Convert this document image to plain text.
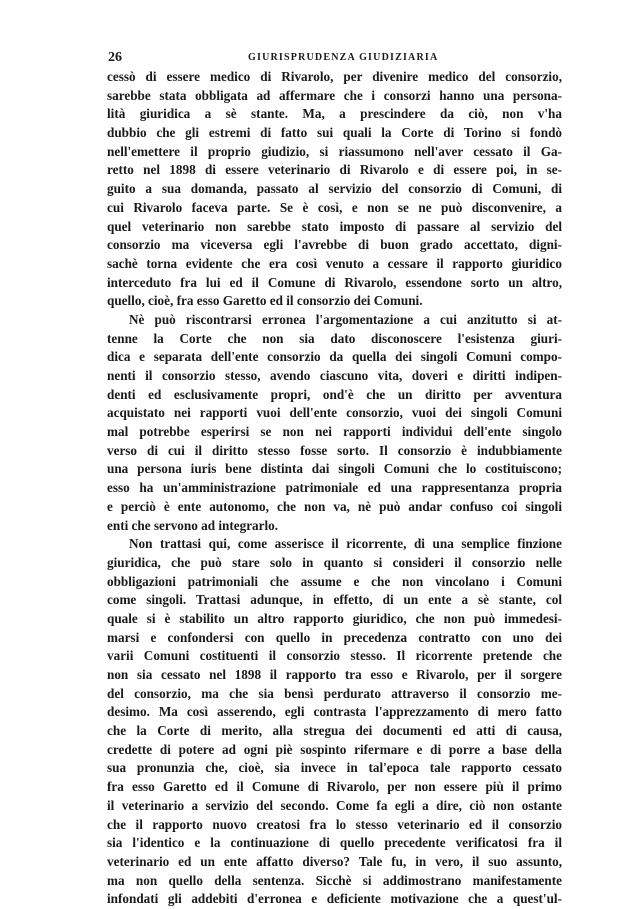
26	GIURISPRUDENZA GIUDIZIARIA
cessò di essere medico di Rivarolo, per divenire medico del consorzio,
sarebbe stata obbligata ad affermare che i consorzi hanno una persona-
lità giuridica a sè stante. Ma, a prescindere da ciò, non v'ha
dubbio che gli estremi di fatto sui quali la Corte di Torino si fondò
nell'emettere il proprio giudizio, si riassumono nell'aver cessato il Ga-
retto nel 1898 di essere veterinario di Rivarolo e di essere poi, in se-
guito a sua domanda, passato al servizio del consorzio di Comuni, di
cui Rivarolo faceva parte. Se è così, e non se ne può disconvenire, a
quel veterinario non sarebbe stato imposto di passare al servizio del
consorzio ma viceversa egli l'avrebbe di buon grado accettato, digni-
sachè torna evidente che era così venuto a cessare il rapporto giuridico
interceduto fra lui ed il Comune di Rivarolo, essendone sorto un altro,
quello, cioè, fra esso Garetto ed il consorzio dei Comuni.
Nè può riscontrarsi erronea l'argomentazione a cui anzitutto si at-
tenne la Corte che non sia dato disconoscere l'esistenza giuri-
dica e separata dell'ente consorzio da quella dei singoli Comuni compo-
nenti il consorzio stesso, avendo ciascuno vita, doveri e diritti indipen-
denti ed esclusivamente propri, ond'è che un diritto per avventura
acquistato nei rapporti vuoi dell'ente consorzio, vuoi dei singoli Comuni
mal potrebbe esperirsi se non nei rapporti individui dell'ente singolo
verso di cui il diritto stesso fosse sorto. Il consorzio è indubbiamente
una persona iuris bene distinta dai singoli Comuni che lo costituiscono;
esso ha un'amministrazione patrimoniale ed una rappresentanza propria
e perciò è ente autonomo, che non va, nè può andar confuso coi singoli
enti che servono ad integrarlo.
Non trattasi qui, come asserisce il ricorrente, di una semplice finzione
giuridica, che può stare solo in quanto si consideri il consorzio nelle
obbligazioni patrimoniali che assume e che non vincolano i Comuni
come singoli. Trattasi adunque, in effetto, di un ente a sè stante, col
quale si è stabilito un altro rapporto giuridico, che non può immedesi-
marsi e confondersi con quello in precedenza contratto con uno dei
varii Comuni costituenti il consorzio stesso. Il ricorrente pretende che
non sia cessato nel 1898 il rapporto tra esso e Rivarolo, per il sorgere
del consorzio, ma che sia bensì perdurato attraverso il consorzio me-
desimo. Ma così asserendo, egli contrasta l'apprezzamento di mero fatto
che la Corte di merito, alla stregua dei documenti ed atti di causa,
credette di potere ad ogni piè sospinto rifermare e di porre a base della
sua pronunzia che, cioè, sia invece in tal'epoca tale rapporto cessato
fra esso Garetto ed il Comune di Rivarolo, per non essere più il primo
il veterinario a servizio del secondo. Come fa egli a dire, ciò non ostante
che il rapporto nuovo creatosi fra lo stesso veterinario ed il consorzio
sia l'identico e la continuazione di quello precedente verificatosi fra il
veterinario ed un ente affatto diverso? Tale fu, in vero, il suo assunto,
ma non quello della sentenza. Sicchè si addimostrano manifestamente
infondati gli addebiti d'erronea e deficiente motivazione che a quest'ul-
